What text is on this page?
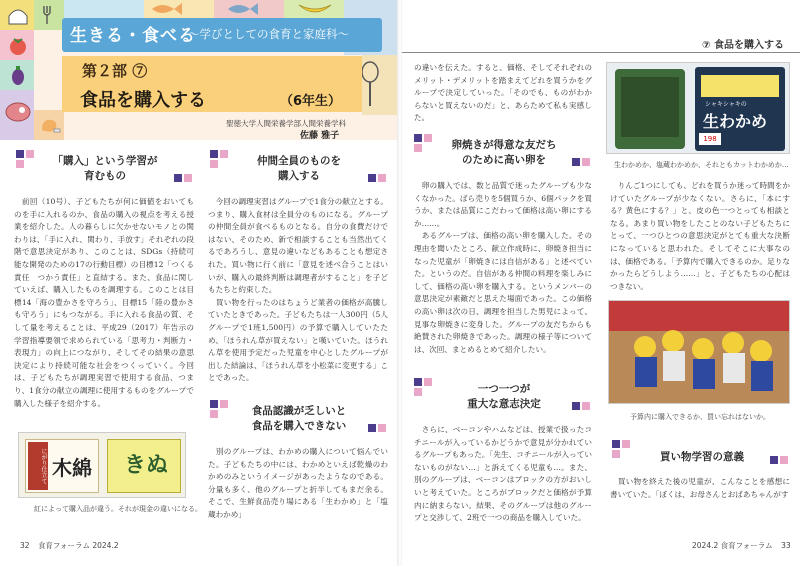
生きる・食べる
〜学びとしての食育と家庭科〜
第２部 ⑦
食品を購入する	（6年生）
聖徳大学人間栄養学部人間栄養学科
佐藤 雅子
「購入」という学習が
育むもの
　前回（10号）、子どもたちが何に価値をおいてものを手に入れるのか、食品の購入の視点を考える授業を紹介した。人の暮らしに欠かせないモノとの関わりは、「手に入れ、関わり、手放す」それぞれの段階で意思決定があり、このことは、SDGs（持続可能な開発のための17の行動目標）の目標12「つくる責任　つかう責任」と直結する。また、食品に関していえば、購入したものを調理する。このことは目標14「海の豊かさを守ろう」、目標15「陸の豊かさも守ろう」にもつながる。手に入れる食品の質、そして量を考えることは、平成29（2017）年告示の学習指導要領で求められている「思考力・判断力・表現力」の向上につながり、そしてその結果の意思決定により持続可能な社会をつくっていく。今回は、子どもたちが調理実習で使用する食品、つまり、1食分の献立の調理に使用するものをグループで購入した様子を紹介する。
にがり仕立て 木綿 きぬ
紅によって購入品が違う。それが現金の違いになる。
仲間全員のものを
購入する
　今回の調理実習はグループで1食分の献立とする。つまり、購入食材は全員分のものになる。グループの仲間全員が食べるものとなる。自分の食費だけではない、そのため、新で相談することも当然出てくるであろうし、意見の違いなどもあることも想定された。買い物に行く前に「意見を述べ合うことはいいが、購入の最終判断は調理者がすること」を子どもたちと約束した。
　買い物を行ったのはちょうど業者の価格が高騰していたときであった。子どもたちは一人300円（5人グループで1班1,500円）の予算で購入していたため、「ほうれん草が買えない」と嘆いていた。ほうれん草を使用予定だった児童を中心としたグループが出した結論は、「ほうれん草を小松菜に変更する」ことであった。
食品認識が乏しいと
食品を購入できない
　別のグループは、わかめの購入について悩んでいた。子どもたちの中には、わかめといえば乾燥のわかめのみというイメージがあったようなのである。分量も多く、他のグループと折半してもまだ余る。そこで、生鮮食品売り場にある「生わかめ」と「塩蔵わかめ」
32 食育フォーラム 2024.2
⑦ 食品を購入する
の違いを伝えた。すると、価格、そしてそれぞれのメリット・デメリットを踏まえてどれを買うかをグループで決定していった。「そのでも、ものがわからないと買えないのだ」と、あらためて私も実感した。
卵焼きが得意な友だち
のために高い卵を
　卵の購入では、数と品質で迷ったグループも少なくなかった。ばら売りを5個買うか、6個パックを買うか、または品質にこだわって価格は高い卵にするか……。
　あるグループは、価格の高い卵を購入した。その理由を聞いたところ、献立作成時に、卵焼き担当になった児童が「卵焼きには自信がある」と述べていた。というのだ。自信がある仲間の料理を楽しみにして、価格の高い卵を購入する。というメンバーの意思決定が素敵だと思えた場面であった。この価格の高い卵は次の日、調理を担当した男児によって、見事な卵焼きに変身した。グループの友だちからも絶賛された卵焼きであった。調理の様子等については、次回、まとめるとめて紹介したい。
一つ一つが
重大な意志決定
　さらに、ベーコンやハムなどは、授業で扱ったコチニールが入っているかどうかで意見が分かれているグループもあった。「先生、コチニールが入っていないものがない…」と訴えてくる児童も…。また、別のグループは、ベーコンはブロックの方がおいしいと考えていた。ところがブロックだと価格が予算内に納まらない。結果、そのグループは他のグループと交渉して、2班で一つの商品を購入していた。
シャキシャキの
生わかめ
198
生わかめか、塩蔵わかめか、それともカットわかめか…
　りんご1つにしても、どれを買うか迷って時間をかけていたグループが少なくない。さらに、「本にする？黄色にする？」と、皮の色一つとっても相談となる。あまり買い物をしたことのない子どもたちにとって、一つひとつの意思決定がとても重大な決断になっていると思われた。そしてそこに大事なのは、価格である。「予算内で購入できるのか。足りなかったらどうしよう……」と、子どもたちの心配はつきない。
予算内に購入できるか、買い忘れはないか。
買い物学習の意義
　買い物を終えた後の児童が、こんなことを感想に書いていた。「ぼくは、お母さんとおばあちゃんがす
2024.2 食育フォーラム 33
